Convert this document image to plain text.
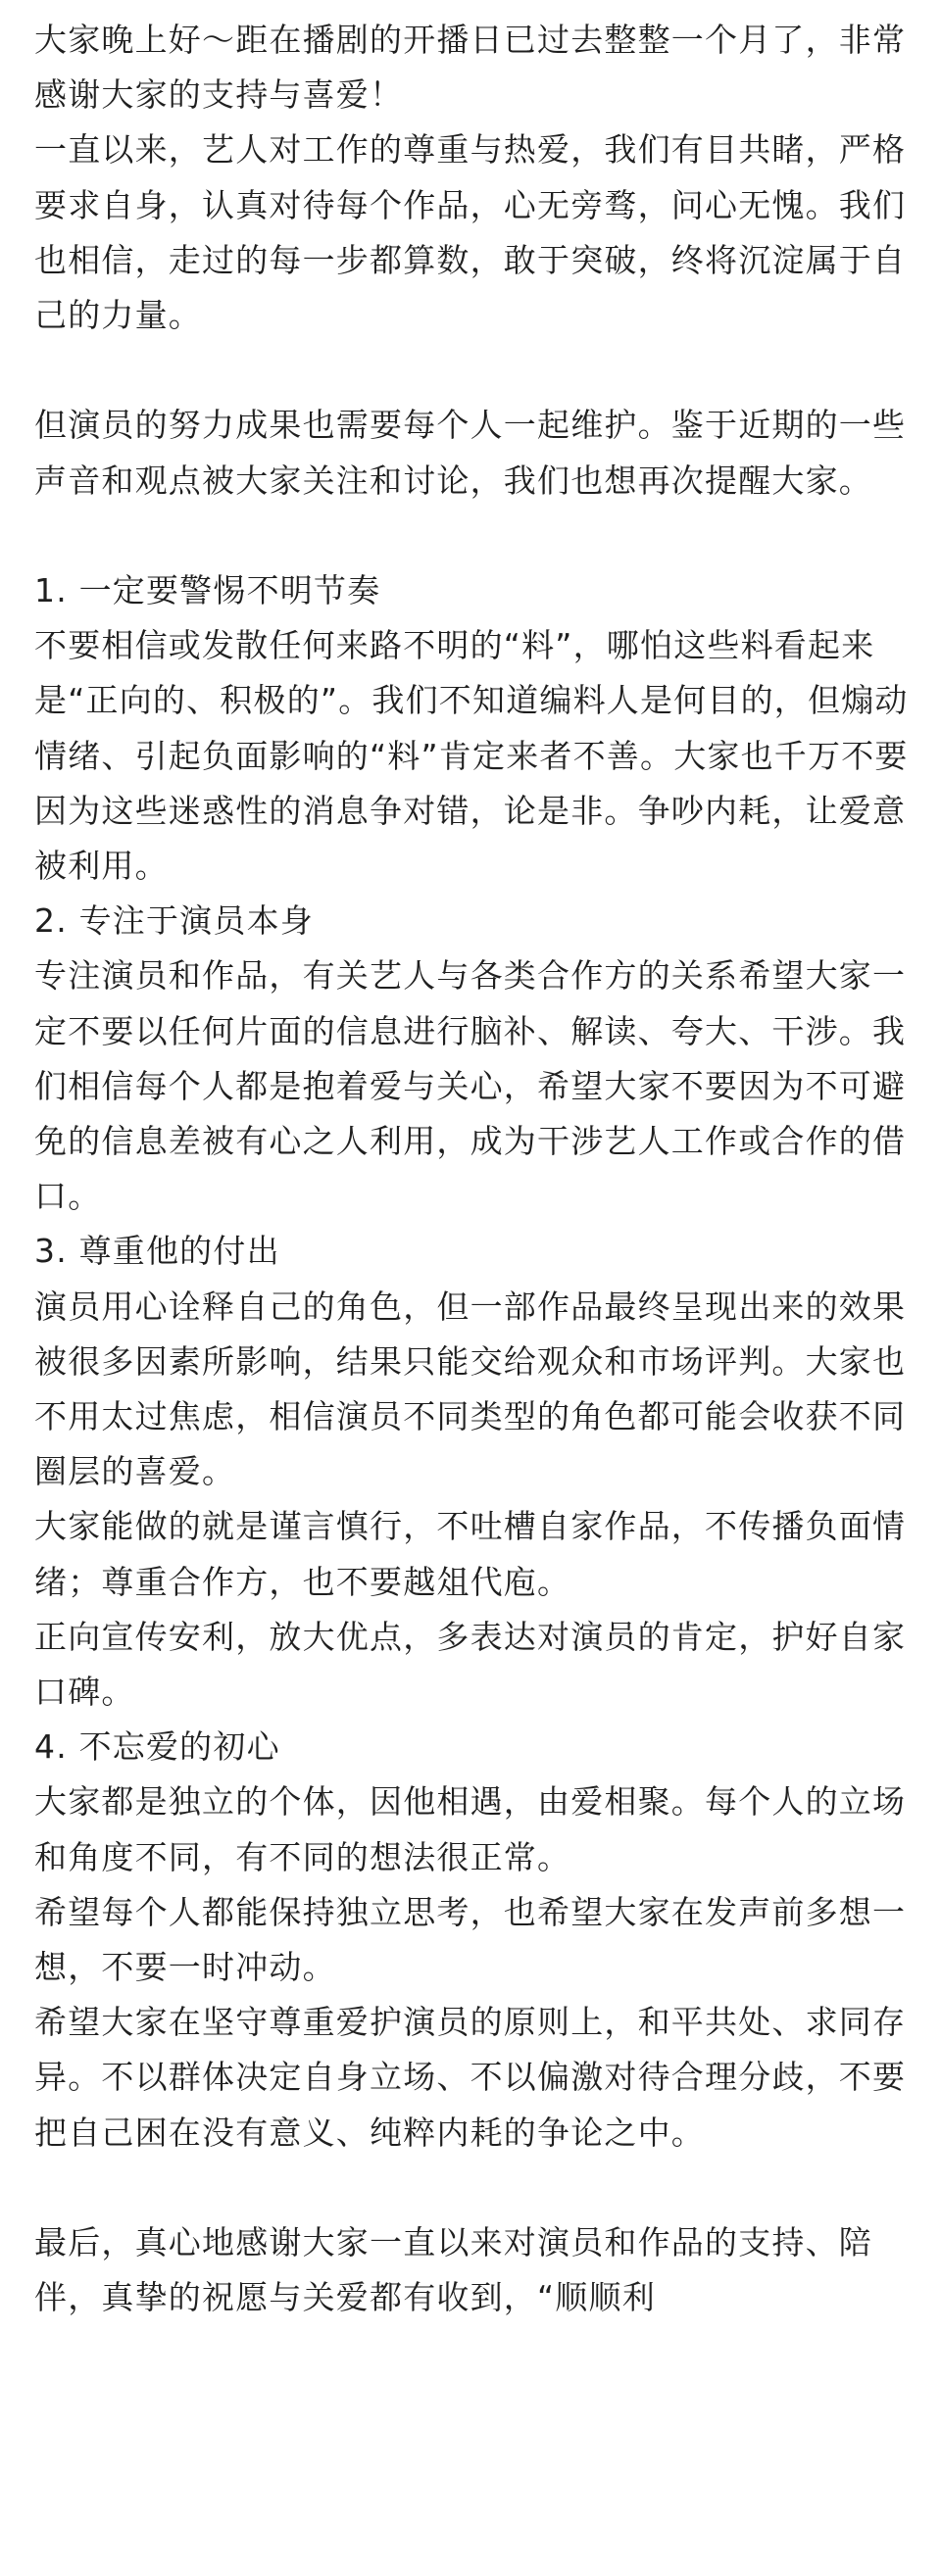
大家晚上好～距在播剧的开播日已过去整整一个月了，非常感谢大家的支持与喜爱！

一直以来，艺人对工作的尊重与热爱，我们有目共睹，严格要求自身，认真对待每个作品，心无旁骛，问心无愧。我们也相信，走过的每一步都算数，敢于突破，终将沉淀属于自己的力量。

但演员的努力成果也需要每个人一起维护。鉴于近期的一些声音和观点被大家关注和讨论，我们也想再次提醒大家。

1. 一定要警惕不明节奏

不要相信或发散任何来路不明的“料”，哪怕这些料看起来是“正向的、积极的”。我们不知道编料人是何目的，但煽动情绪、引起负面影响的“料”肯定来者不善。大家也千万不要因为这些迷惑性的消息争对错，论是非。争吵内耗，让爱意被利用。

2. 专注于演员本身

专注演员和作品，有关艺人与各类合作方的关系希望大家一定不要以任何片面的信息进行脑补、解读、夸大、干涉。我们相信每个人都是抱着爱与关心，希望大家不要因为不可避免的信息差被有心之人利用，成为干涉艺人工作或合作的借口。

3. 尊重他的付出

演员用心诠释自己的角色，但一部作品最终呈现出来的效果被很多因素所影响，结果只能交给观众和市场评判。大家也不用太过焦虑，相信演员不同类型的角色都可能会收获不同圈层的喜爱。

大家能做的就是谨言慎行，不吐槽自家作品，不传播负面情绪；尊重合作方，也不要越俎代庖。

正向宣传安利，放大优点，多表达对演员的肯定，护好自家口碑。

4. 不忘爱的初心

大家都是独立的个体，因他相遇，由爱相聚。每个人的立场和角度不同，有不同的想法很正常。

希望每个人都能保持独立思考，也希望大家在发声前多想一想，不要一时冲动。

希望大家在坚守尊重爱护演员的原则上，和平共处、求同存异。不以群体决定自身立场、不以偏激对待合理分歧，不要把自己困在没有意义、纯粹内耗的争论之中。

最后，真心地感谢大家一直以来对演员和作品的支持、陪伴，真挚的祝愿与关爱都有收到，“顺顺利
